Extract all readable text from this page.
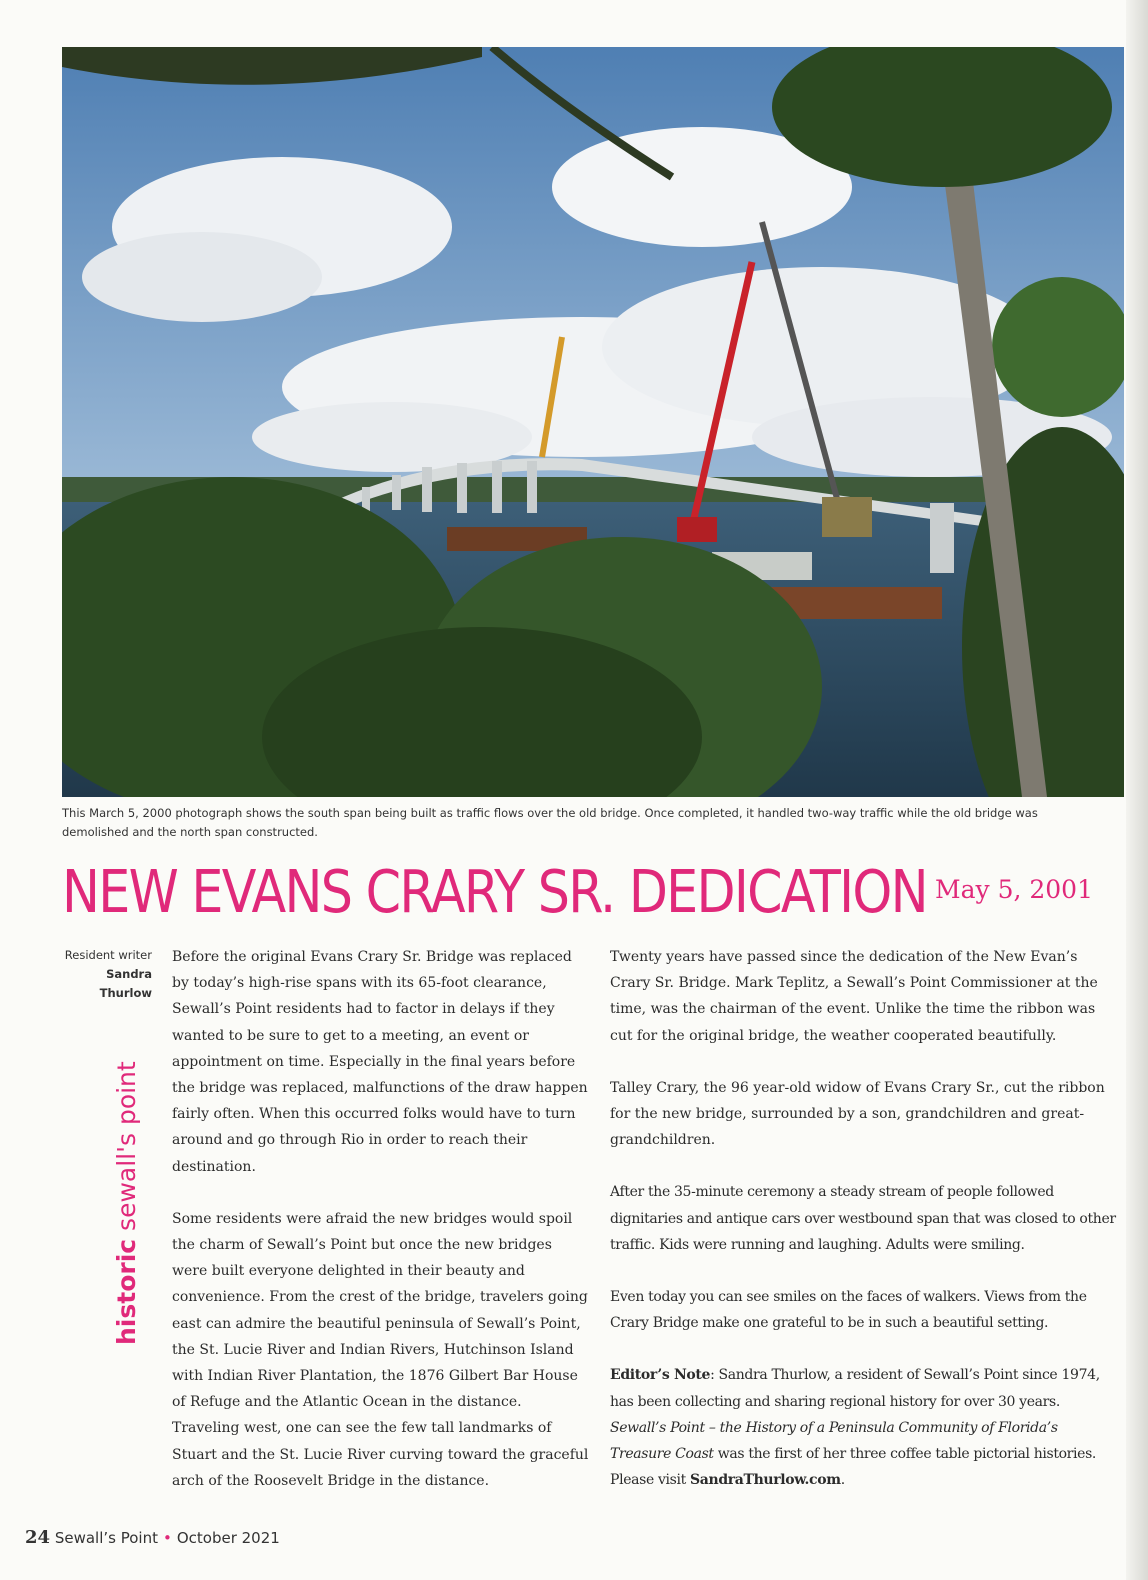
This March 5, 2000 photograph shows the south span being built as traffic flows over the old bridge. Once completed, it handled two-way traffic while the old bridge was demolished and the north span constructed.
NEW EVANS CRARY SR. DEDICATION May 5, 2001
Resident writer Sandra Thurlow
historic sewall's point

Before the original Evans Crary Sr. Bridge was replaced by today’s high-rise spans with its 65-foot clearance, Sewall’s Point residents had to factor in delays if they wanted to be sure to get to a meeting, an event or appointment on time. Especially in the final years before the bridge was replaced, malfunctions of the draw happen fairly often. When this occurred folks would have to turn around and go through Rio in order to reach their destination.

Some residents were afraid the new bridges would spoil the charm of Sewall’s Point but once the new bridges were built everyone delighted in their beauty and convenience. From the crest of the bridge, travelers going east can admire the beautiful peninsula of Sewall’s Point, the St. Lucie River and Indian Rivers, Hutchinson Island with Indian River Plantation, the 1876 Gilbert Bar House of Refuge and the Atlantic Ocean in the distance. Traveling west, one can see the few tall landmarks of Stuart and the St. Lucie River curving toward the graceful arch of the Roosevelt Bridge in the distance.

Twenty years have passed since the dedication of the New Evan’s Crary Sr. Bridge. Mark Teplitz, a Sewall’s Point Commissioner at the time, was the chairman of the event. Unlike the time the ribbon was cut for the original bridge, the weather cooperated beautifully.

Talley Crary, the 96 year-old widow of Evans Crary Sr., cut the ribbon for the new bridge, surrounded by a son, grandchildren and great-grandchildren.

After the 35-minute ceremony a steady stream of people followed dignitaries and antique cars over westbound span that was closed to other traffic. Kids were running and laughing. Adults were smiling.

Even today you can see smiles on the faces of walkers. Views from the Crary Bridge make one grateful to be in such a beautiful setting.

Editor’s Note: Sandra Thurlow, a resident of Sewall’s Point since 1974, has been collecting and sharing regional history for over 30 years. Sewall’s Point – the History of a Peninsula Community of Florida’s Treasure Coast was the first of her three coffee table pictorial histories. Please visit SandraThurlow.com.

24 Sewall’s Point • October 2021
